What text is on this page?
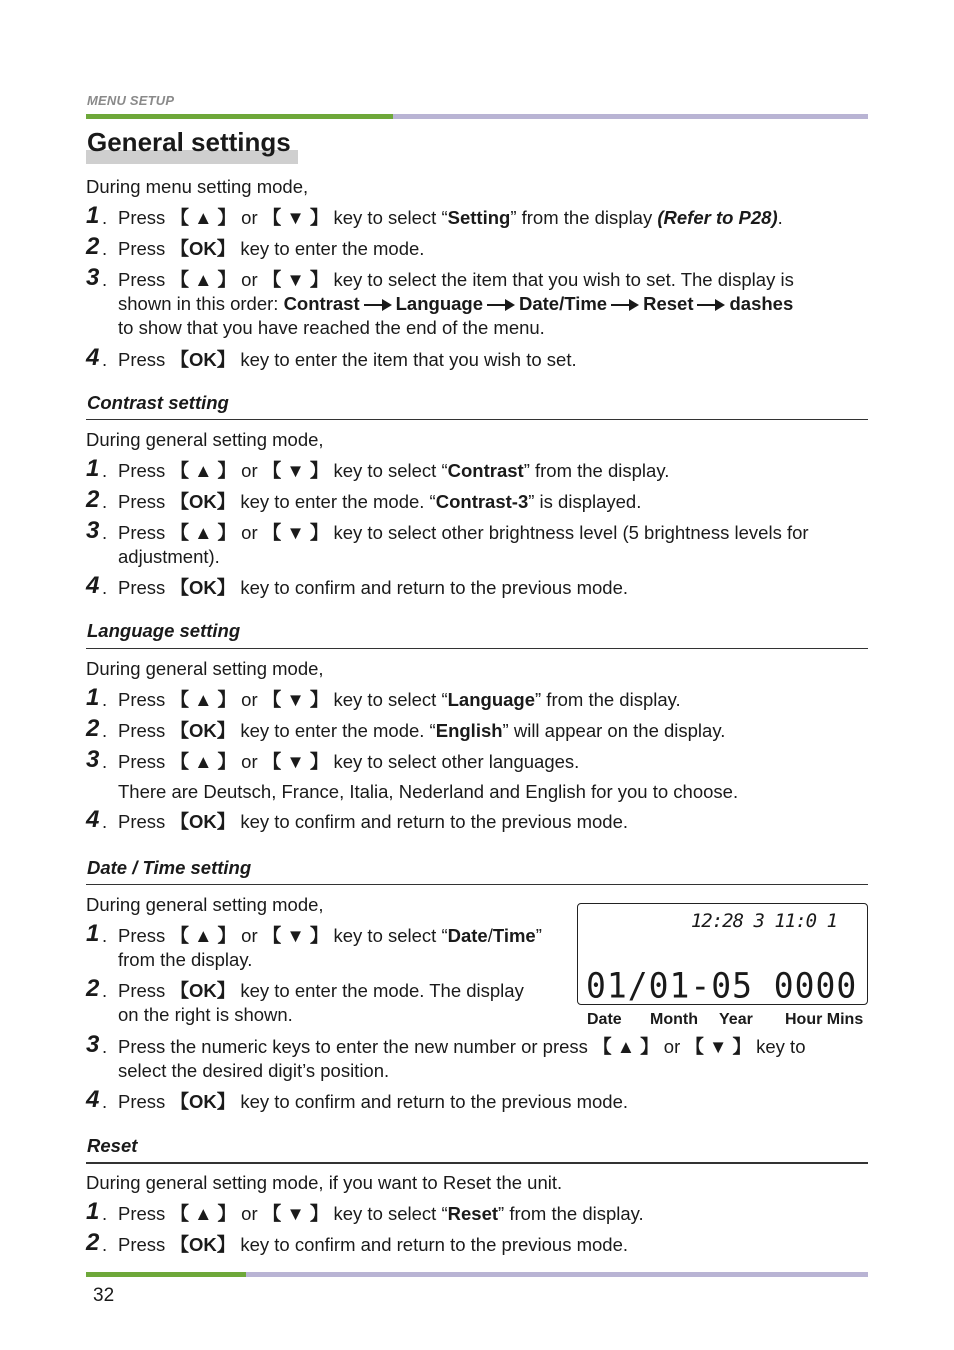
MENU SETUP
General settings
During menu setting mode,
1 . Press 【 ▲ 】 or 【 ▼ 】 key to select “Setting” from the display (Refer to P28).
2 . Press 【OK】 key to enter the mode.
3 . Press 【 ▲ 】 or 【 ▼ 】 key to select the item that you wish to set. The display is
shown in this order: Contrast Language Date/Time Reset dashes
to show that you have reached the end of the menu.
4 . Press 【OK】 key to enter the item that you wish to set.
Contrast setting
During general setting mode,
1 . Press 【 ▲ 】 or 【 ▼ 】 key to select “Contrast” from the display.
2 . Press 【OK】 key to enter the mode. “Contrast-3” is displayed.
3 . Press 【 ▲ 】 or 【 ▼ 】 key to select other brightness level (5 brightness levels for
adjustment).
4 . Press 【OK】 key to confirm and return to the previous mode.
Language setting
During general setting mode,
1 . Press 【 ▲ 】 or 【 ▼ 】 key to select “Language” from the display.
2 . Press 【OK】 key to enter the mode. “English” will appear on the display.
3 . Press 【 ▲ 】 or 【 ▼ 】 key to select other languages.
There are Deutsch, France, Italia, Nederland and English for you to choose.
4 . Press 【OK】 key to confirm and return to the previous mode.
Date / Time setting
During general setting mode,
1 . Press 【 ▲ 】 or 【 ▼ 】 key to select “Date/Time”
from the display.
2 . Press 【OK】 key to enter the mode. The display
on the right is shown.
12:28 3 11:0 1
01/01-05 0000
Date Month Year Hour Mins
3 . Press the numeric keys to enter the new number or press 【 ▲ 】 or 【 ▼ 】 key to
select the desired digit’s position.
4 . Press 【OK】 key to confirm and return to the previous mode.
Reset
During general setting mode, if you want to Reset the unit.
1 . Press 【 ▲ 】 or 【 ▼ 】 key to select “Reset” from the display.
2 . Press 【OK】 key to confirm and return to the previous mode.
32
